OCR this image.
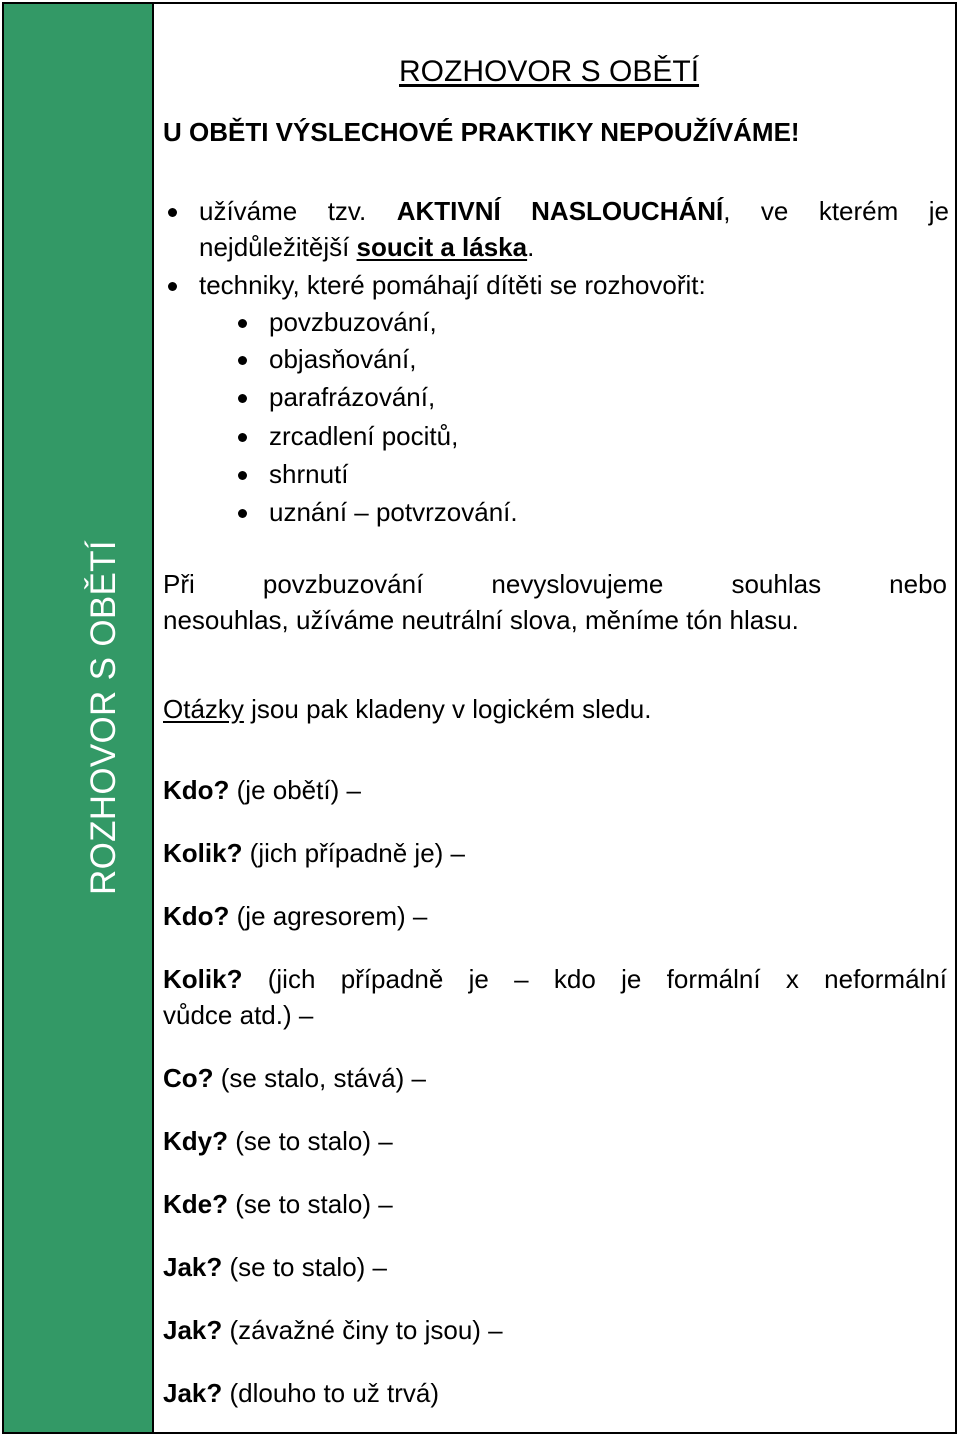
ROZHOVOR S OBĚTÍ
ROZHOVOR S OBĚTÍ
U OBĚTI VÝSLECHOVÉ PRAKTIKY NEPOUŽÍVÁME!
užíváme tzv. AKTIVNÍ NASLOUCHÁNÍ, ve kterém je
nejdůležitější soucit a láska.
techniky, které pomáhají dítěti se rozhovořit:
povzbuzování,
objasňování,
parafrázování,
zrcadlení pocitů,
shrnutí
uznání – potvrzování.
Při povzbuzování nevyslovujeme souhlas nebo
nesouhlas, užíváme neutrální slova, měníme tón hlasu.
Otázky jsou pak kladeny v logickém sledu.
Kdo? (je obětí) –
Kolik? (jich případně je) –
Kdo? (je agresorem) –
Kolik? (jich případně je – kdo je formální x neformální
vůdce atd.) –
Co? (se stalo, stává) –
Kdy? (se to stalo) –
Kde? (se to stalo) –
Jak? (se to stalo) –
Jak? (závažné činy to jsou) –
Jak? (dlouho to už trvá)
